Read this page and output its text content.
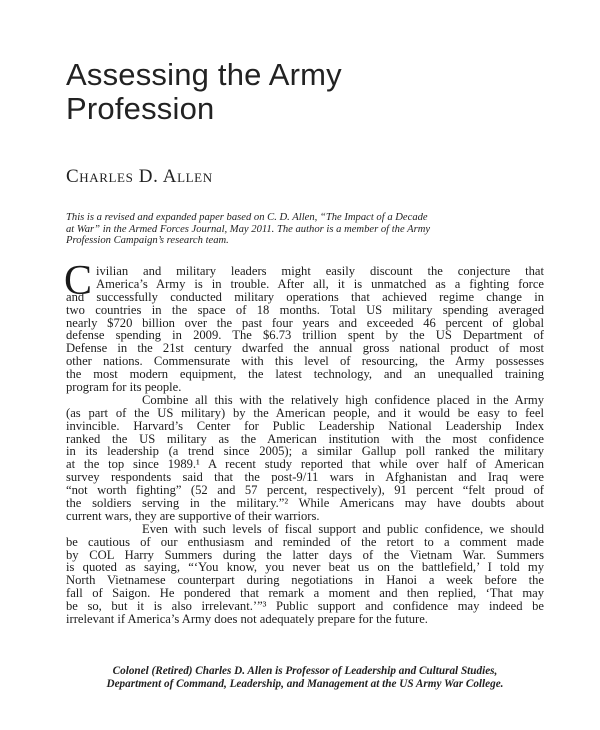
Assessing the Army
Profession
Charles D. Allen
This is a revised and expanded paper based on C. D. Allen, “The Impact of a Decade
at War” in the Armed Forces Journal, May 2011. The author is a member of the Army
Profession Campaign’s research team.
C ivilian and military leaders might easily discount the conjecture that
America’s Army is in trouble. After all, it is unmatched as a fighting force
and successfully conducted military operations that achieved regime change in
two countries in the space of 18 months. Total US military spending averaged
nearly $720 billion over the past four years and exceeded 46 percent of global
defense spending in 2009. The $6.73 trillion spent by the US Department of
Defense in the 21st century dwarfed the annual gross national product of most
other nations. Commensurate with this level of resourcing, the Army possesses
the most modern equipment, the latest technology, and an unequalled training
program for its people.
Combine all this with the relatively high confidence placed in the Army
(as part of the US military) by the American people, and it would be easy to feel
invincible. Harvard’s Center for Public Leadership National Leadership Index
ranked the US military as the American institution with the most confidence
in its leadership (a trend since 2005); a similar Gallup poll ranked the military
at the top since 1989.¹ A recent study reported that while over half of American
survey respondents said that the post-9/11 wars in Afghanistan and Iraq were
“not worth fighting” (52 and 57 percent, respectively), 91 percent “felt proud of
the soldiers serving in the military.”² While Americans may have doubts about
current wars, they are supportive of their warriors.
Even with such levels of fiscal support and public confidence, we should
be cautious of our enthusiasm and reminded of the retort to a comment made
by COL Harry Summers during the latter days of the Vietnam War. Summers
is quoted as saying, “‘You know, you never beat us on the battlefield,’ I told my
North Vietnamese counterpart during negotiations in Hanoi a week before the
fall of Saigon. He pondered that remark a moment and then replied, ‘That may
be so, but it is also irrelevant.’”³ Public support and confidence may indeed be
irrelevant if America’s Army does not adequately prepare for the future.
Colonel (Retired) Charles D. Allen is Professor of Leadership and Cultural Studies,
Department of Command, Leadership, and Management at the US Army War College.
